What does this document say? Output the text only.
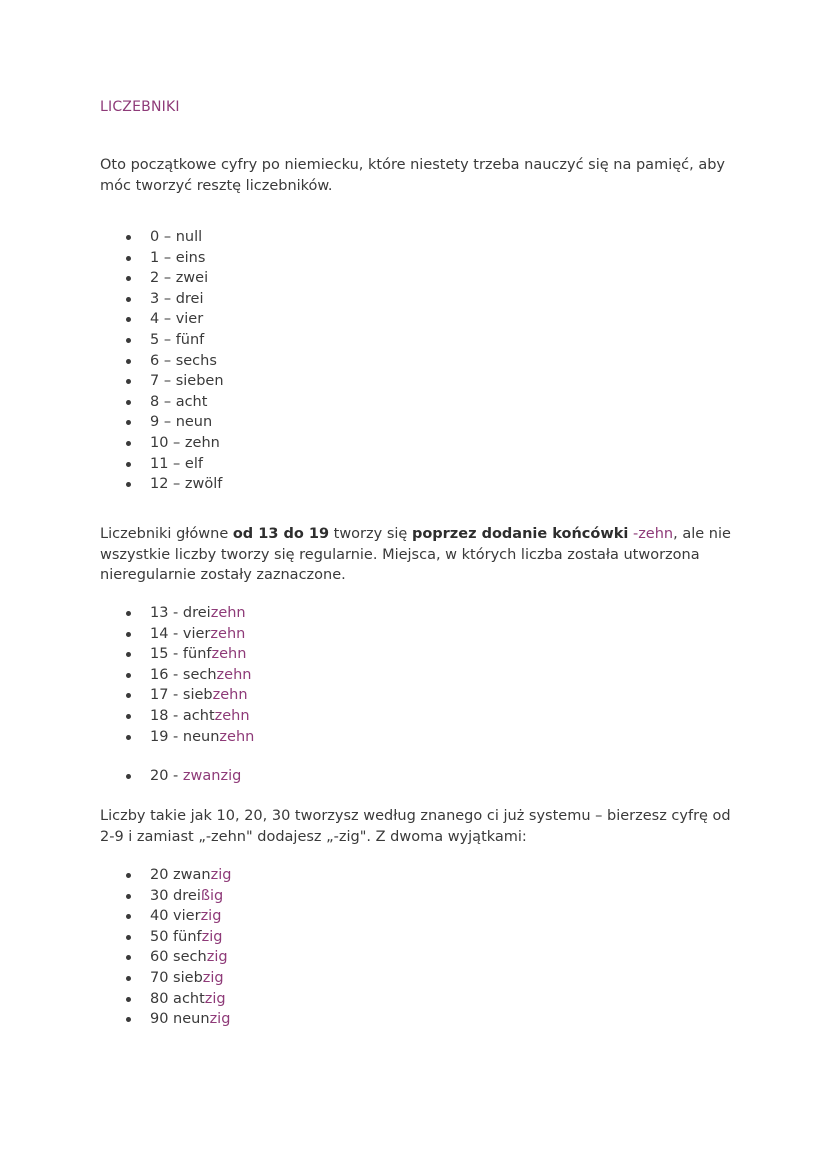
LICZEBNIKI

Oto początkowe cyfry po niemiecku, które niestety trzeba nauczyć się na pamięć, aby móc tworzyć resztę liczebników.

0 – null
1 – eins
2 – zwei
3 – drei
4 – vier
5 – fünf
6 – sechs
7 – sieben
8 – acht
9 – neun
10 – zehn
11 – elf
12 – zwölf

Liczebniki główne od 13 do 19 tworzy się poprzez dodanie końcówki -zehn, ale nie wszystkie liczby tworzy się regularnie. Miejsca, w których liczba została utworzona nieregularnie zostały zaznaczone.

13 - dreizehn
14 - vierzehn
15 - fünfzehn
16 - sechzehn
17 - siebzehn
18 - achtzehn
19 - neunzehn
20 - zwanzig

Liczby takie jak 10, 20, 30 tworzysz według znanego ci już systemu – bierzesz cyfrę od 2-9 i zamiast „-zehn" dodajesz „-zig". Z dwoma wyjątkami:

20 zwanzig
30 dreißig
40 vierzig
50 fünfzig
60 sechzig
70 siebzig
80 achtzig
90 neunzig
